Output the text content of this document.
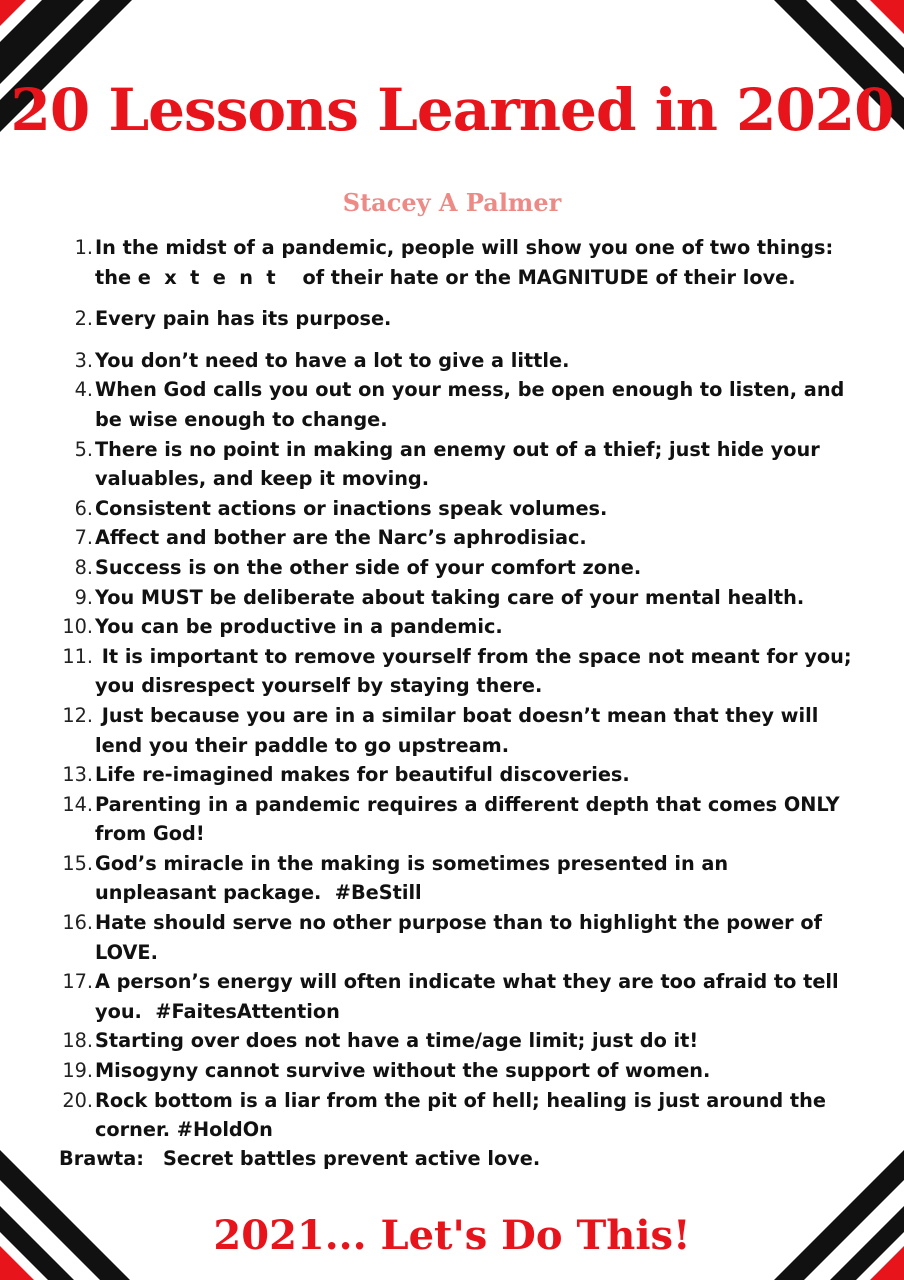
20 Lessons Learned in 2020
Stacey A Palmer
1. In the midst of a pandemic, people will show you one of two things: the e  x  t  e  n  t    of their hate or the MAGNITUDE of their love.
2. Every pain has its purpose.
3. You don’t need to have a lot to give a little.
4. When God calls you out on your mess, be open enough to listen, and be wise enough to change.
5. There is no point in making an enemy out of a thief; just hide your valuables, and keep it moving.
6. Consistent actions or inactions speak volumes.
7. Affect and bother are the Narc’s aphrodisiac.
8. Success is on the other side of your comfort zone.
9. You MUST be deliberate about taking care of your mental health.
10. You can be productive in a pandemic.
11. It is important to remove yourself from the space not meant for you; you disrespect yourself by staying there.
12. Just because you are in a similar boat doesn’t mean that they will lend you their paddle to go upstream.
13. Life re-imagined makes for beautiful discoveries.
14. Parenting in a pandemic requires a different depth that comes ONLY from God!
15. God’s miracle in the making is sometimes presented in an unpleasant package.  #BeStill
16. Hate should serve no other purpose than to highlight the power of LOVE.
17. A person’s energy will often indicate what they are too afraid to tell you.  #FaitesAttention
18. Starting over does not have a time/age limit; just do it!
19. Misogyny cannot survive without the support of women.
20. Rock bottom is a liar from the pit of hell; healing is just around the corner. #HoldOn
Brawta: Secret battles prevent active love.
2021... Let's Do This!
